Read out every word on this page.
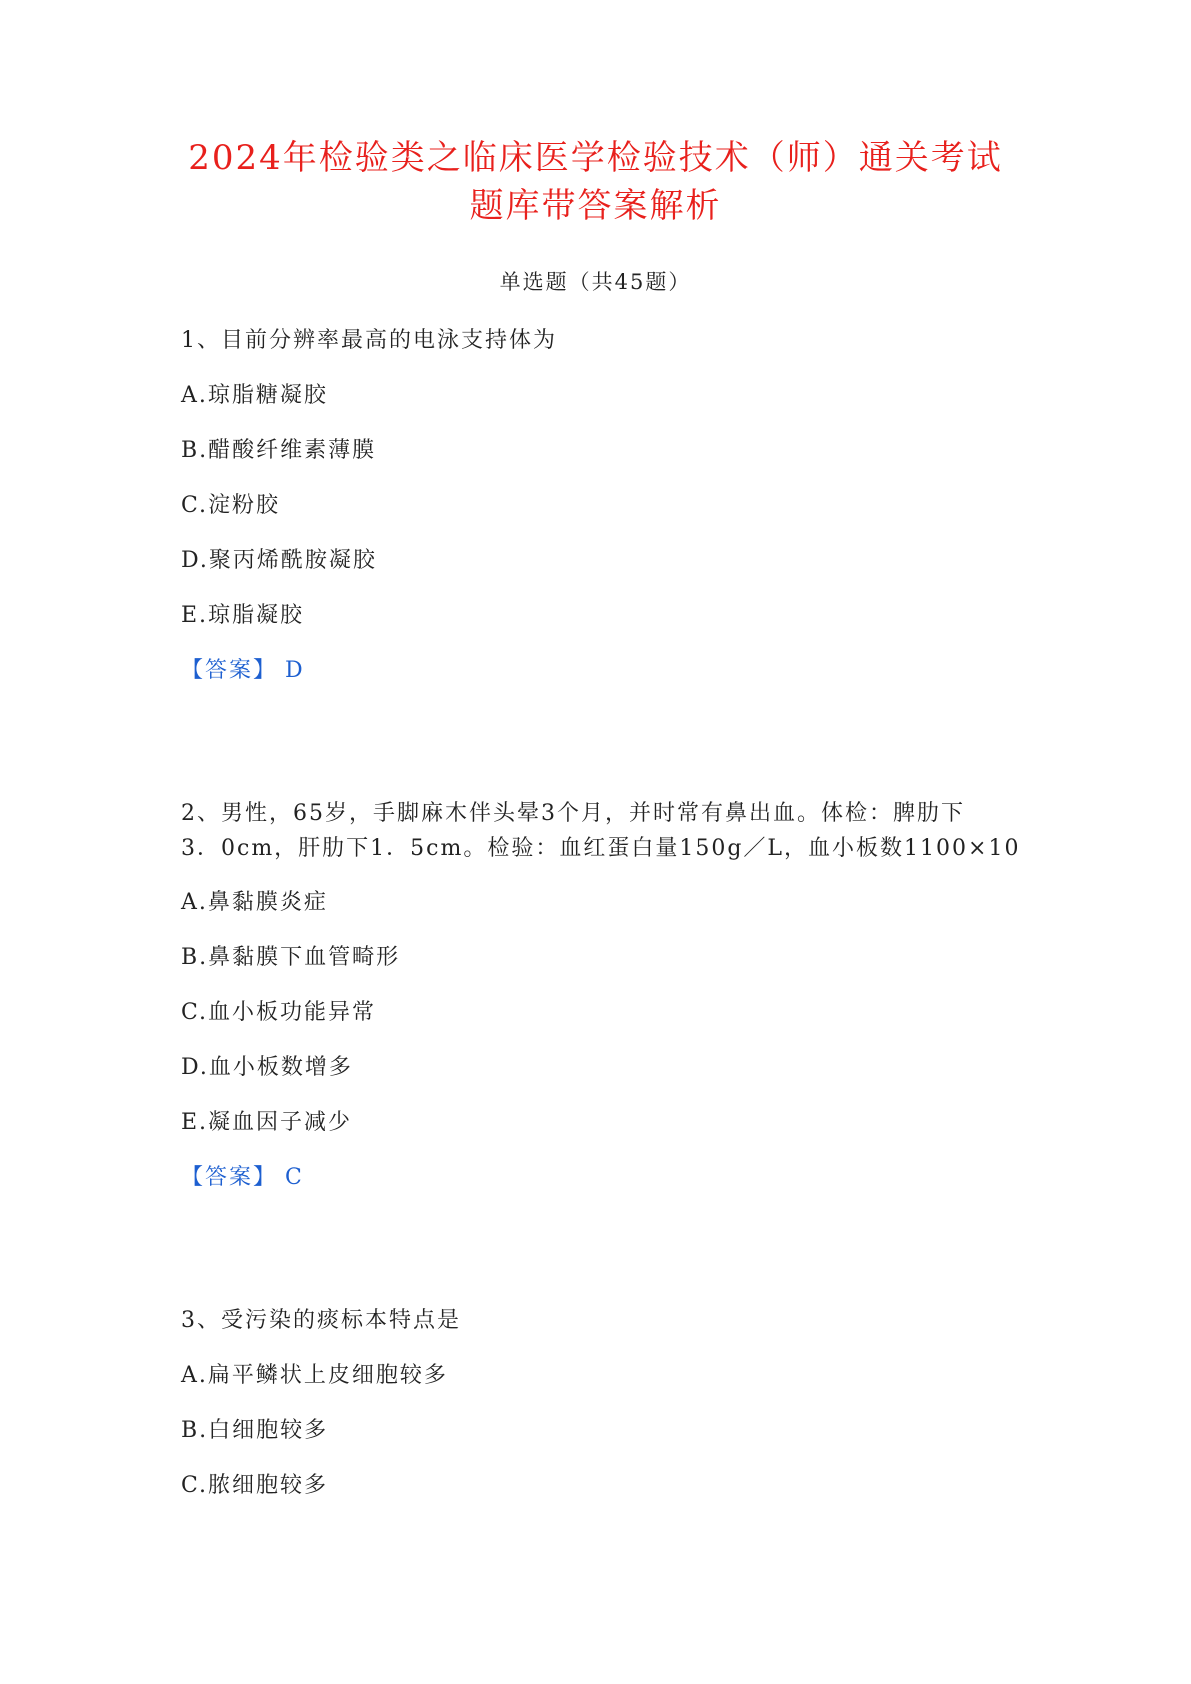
2024年检验类之临床医学检验技术（师）通关考试
题库带答案解析
单选题（共45题）
1、目前分辨率最高的电泳支持体为
A.琼脂糖凝胶
B.醋酸纤维素薄膜
C.淀粉胶
D.聚丙烯酰胺凝胶
E.琼脂凝胶
【答案】 D
2、男性，65岁，手脚麻木伴头晕3个月，并时常有鼻出血。体检：脾肋下
3．0cm，肝肋下1．5cm。检验：血红蛋白量150g／L，血小板数1100×10
A.鼻黏膜炎症
B.鼻黏膜下血管畸形
C.血小板功能异常
D.血小板数增多
E.凝血因子减少
【答案】 C
3、受污染的痰标本特点是
A.扁平鳞状上皮细胞较多
B.白细胞较多
C.脓细胞较多
